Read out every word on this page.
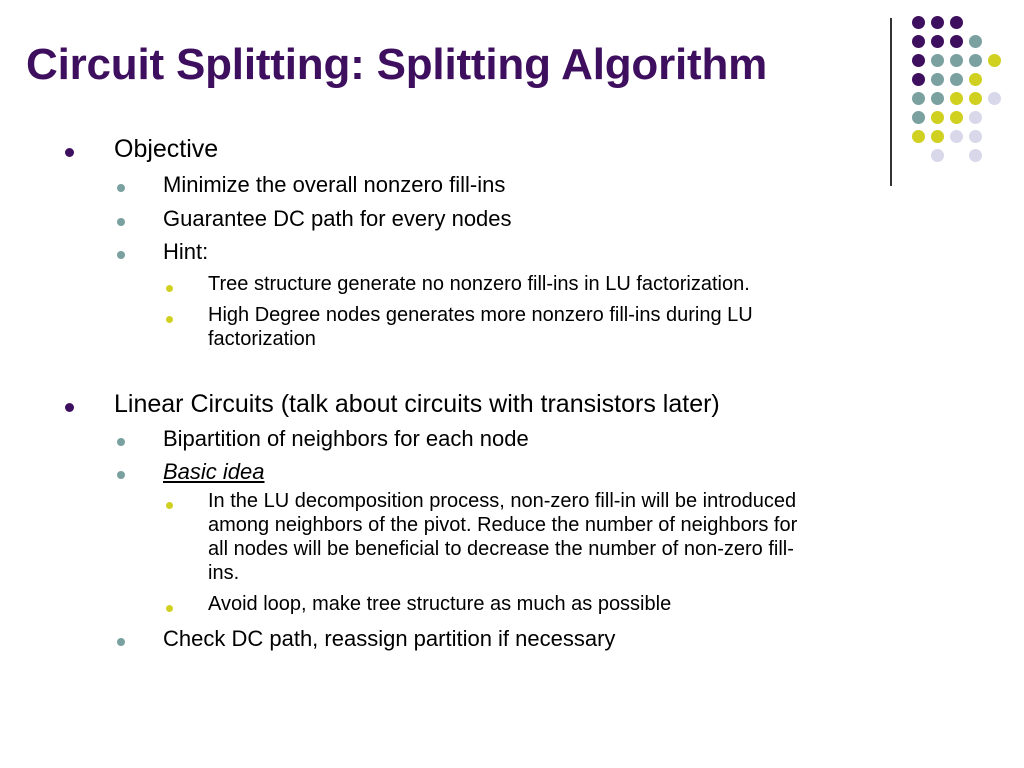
Circuit Splitting: Splitting Algorithm
Objective
Minimize the overall nonzero fill-ins
Guarantee DC path for every nodes
Hint:
Tree structure generate no nonzero fill-ins in LU factorization.
High Degree nodes generates more nonzero fill-ins during LU
factorization
Linear Circuits (talk about circuits with transistors later)
Bipartition of neighbors for each node
Basic idea
In the LU decomposition process, non-zero fill-in will be introduced
among neighbors of the pivot. Reduce the number of neighbors for
all nodes will be beneficial to decrease the number of non-zero fill-
ins.
Avoid loop, make tree structure as much as possible
Check DC path, reassign partition if necessary
